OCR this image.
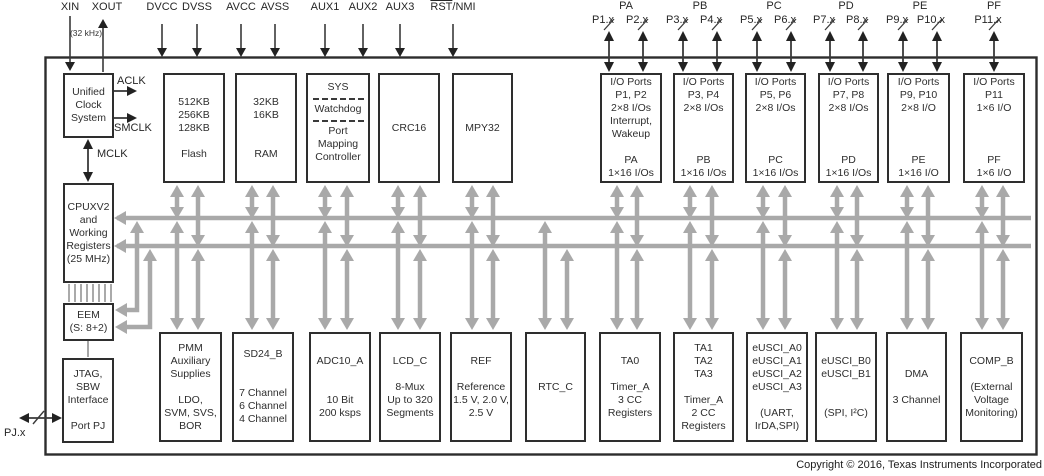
XIN XOUT
(32 kHz)
DVCC DVSS AVCC AVSS AUX1 AUX2 AUX3 $\overline{RST}$/NMI	PA
P1.x P2.x
PB
P3.x P4.x
PC
P5.x P6.x
PD
P7.x P8.x
PE
P9.x P10.x
PF
P11.x
ACLK
SMCLK
MCLK
PJ.x
Unified
Clock
System
CPUXV2
and
Working
Registers
(25 MHz)
EEM
(S: 8+2)
JTAG,
SBW
Interface
Port PJ
512KB
256KB
128KB
Flash
32KB
16KB
RAM
SYS
Watchdog
Port
Mapping
Controller
CRC16	MPY32
I/O Ports
P1, P2
2×8 I/Os
Interrupt,
Wakeup
PA
1×16 I/Os
I/O Ports
P3, P4
2×8 I/Os
PB
1×16 I/Os
I/O Ports
P5, P6
2×8 I/Os
PC
1×16 I/Os
I/O Ports
P7, P8
2×8 I/Os
PD
1×16 I/Os
I/O Ports
P9, P10
2×8 I/O
PE
1×16 I/O
I/O Ports
P11
1×6 I/O
PF
1×6 I/O
PMM
Auxiliary
Supplies
LDO,
SVM, SVS,
BOR
SD24_B
7 Channel
6 Channel
4 Channel
ADC10_A
10 Bit
200 ksps
LCD_C
8-Mux
Up to 320
Segments
REF
Reference
1.5 V, 2.0 V,
2.5 V
RTC_C
TA0
Timer_A
3 CC
Registers
TA1
TA2
TA3
Timer_A
2 CC
Registers
eUSCI_A0
eUSCI_A1
eUSCI_A2
eUSCI_A3
(UART,
IrDA,SPI)
eUSCI_B0
eUSCI_B1
(SPI, I²C)
DMA
3 Channel
COMP_B
(External
Voltage
Monitoring)
Copyright © 2016, Texas Instruments Incorporated
